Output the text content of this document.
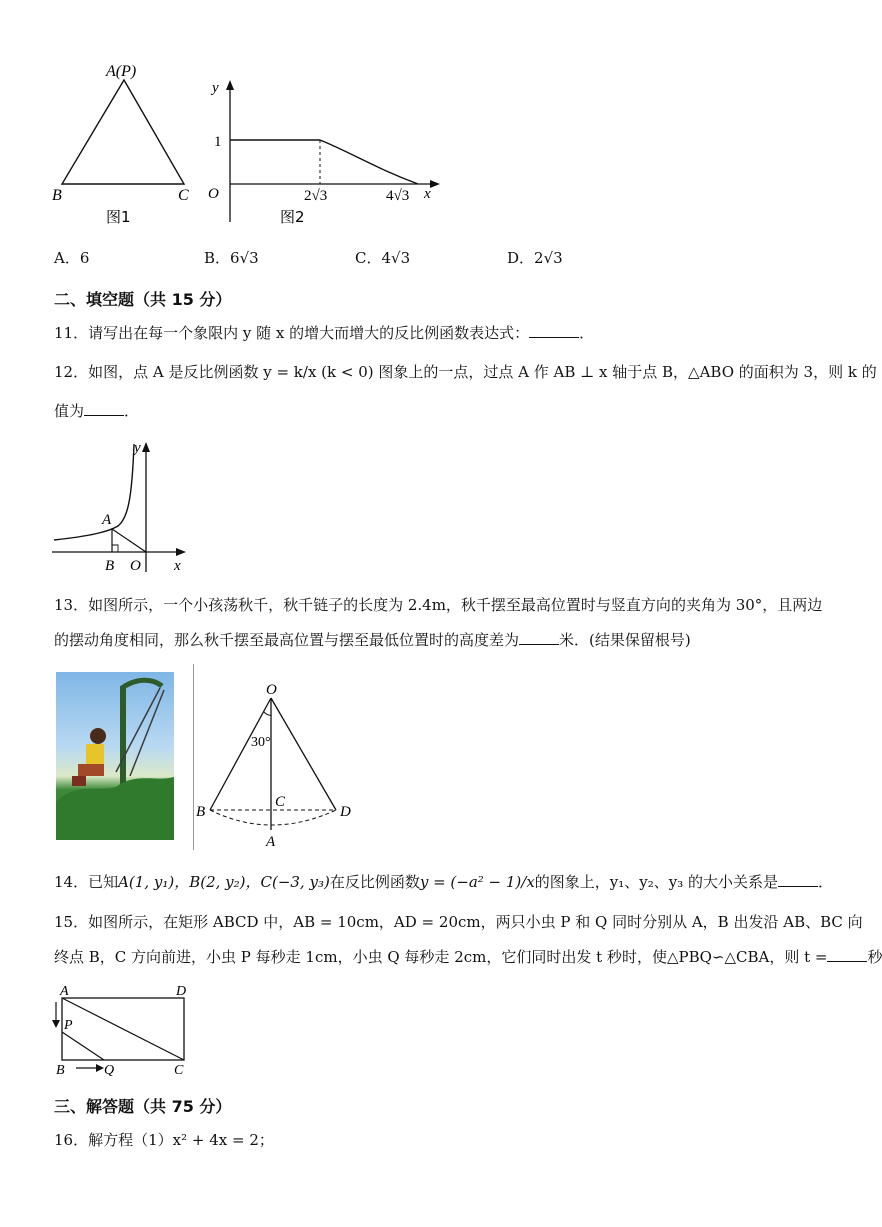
A(P)
B	C
图1
y
x
O
1
2√3	4√3
图2
A．6	B．6√3	C．4√3	D．2√3
二、填空题（共 15 分）
11．请写出在每一个象限内 y 随 x 的增大而增大的反比例函数表达式：	．
12．如图，点 A 是反比例函数 y = k/x (k < 0) 图象上的一点，过点 A 作 AB ⊥ x 轴于点 B，△ABO 的面积为 3，则 k 的
值为	．
y
x
A
B O
13．如图所示，一个小孩荡秋千，秋千链子的长度为 2.4m，秋千摆至最高位置时与竖直方向的夹角为 30°，且两边
的摆动角度相同，那么秋千摆至最高位置与摆至最低位置时的高度差为	米．(结果保留根号)
O
30°
B
C
D
A
14．已知A(1, y₁)，B(2, y₂)，C(−3, y₃)在反比例函数y = (−a² − 1)/x的图象上，y₁、y₂、y₃ 的大小关系是	．
15．如图所示，在矩形 ABCD 中，AB = 10cm，AD = 20cm，两只小虫 P 和 Q 同时分别从 A，B 出发沿 AB、BC 向
终点 B，C 方向前进，小虫 P 每秒走 1cm，小虫 Q 每秒走 2cm，它们同时出发 t 秒时，使△PBQ∽△CBA，则 t =	秒
A	D
P
B	Q	C
三、解答题（共 75 分）
16．解方程（1）x² + 4x = 2；
